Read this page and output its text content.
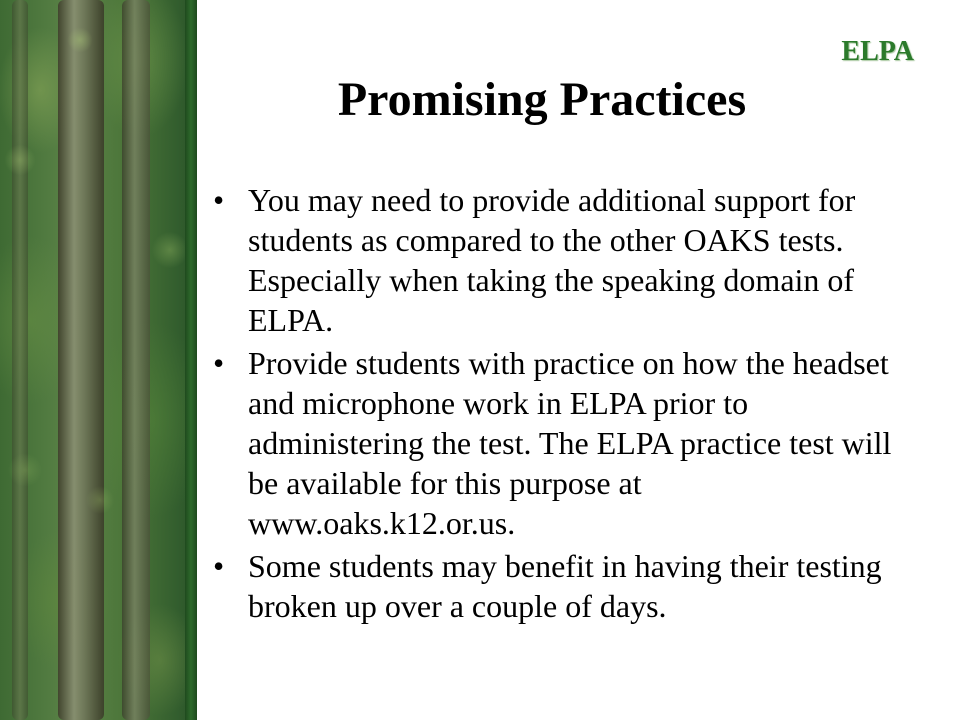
ELPA
Promising Practices
• You may need to provide additional support for students as compared to the other OAKS tests. Especially when taking the speaking domain of ELPA.
• Provide students with practice on how the headset and microphone work in ELPA prior to administering the test. The ELPA practice test will be available for this purpose at www.oaks.k12.or.us.
• Some students may benefit in having their testing broken up over a couple of days.
